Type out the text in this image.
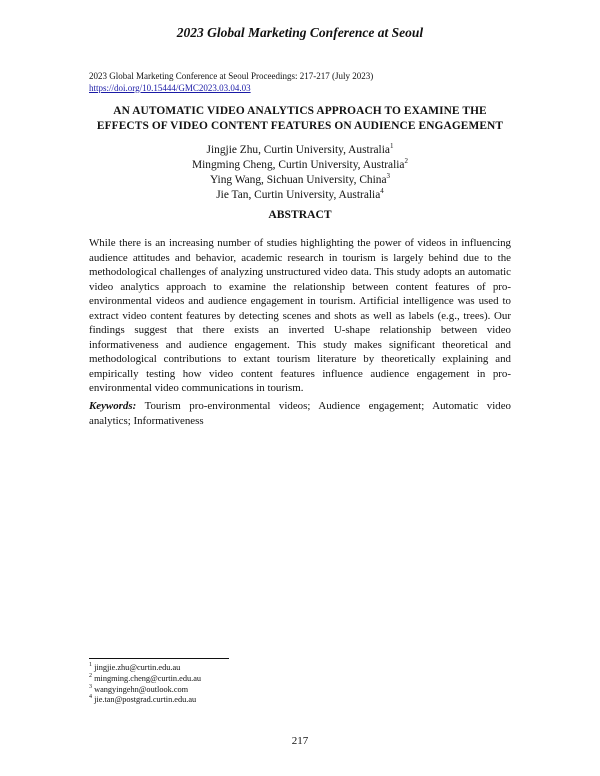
2023 Global Marketing Conference at Seoul
2023 Global Marketing Conference at Seoul Proceedings: 217-217 (July 2023)
https://doi.org/10.15444/GMC2023.03.04.03
AN AUTOMATIC VIDEO ANALYTICS APPROACH TO EXAMINE THE
EFFECTS OF VIDEO CONTENT FEATURES ON AUDIENCE ENGAGEMENT
Jingjie Zhu, Curtin University, Australia$^1$
Mingming Cheng, Curtin University, Australia$^2$
Ying Wang, Sichuan University, China$^3$
Jie Tan, Curtin University, Australia$^4$
ABSTRACT
While there is an increasing number of studies highlighting the power of videos in influencing audience attitudes and behavior, academic research in tourism is largely behind due to the methodological challenges of analyzing unstructured video data. This study adopts an automatic video analytics approach to examine the relationship between content features of pro-environmental videos and audience engagement in tourism. Artificial intelligence was used to extract video content features by detecting scenes and shots as well as labels (e.g., trees). Our findings suggest that there exists an inverted U-shape relationship between video informativeness and audience engagement. This study makes significant theoretical and methodological contributions to extant tourism literature by theoretically explaining and empirically testing how video content features influence audience engagement in pro-environmental video communications in tourism.
Keywords: Tourism pro-environmental videos; Audience engagement; Automatic video analytics; Informativeness
$^1$ jingjie.zhu@curtin.edu.au
$^2$ mingming.cheng@curtin.edu.au
$^3$ wangyingehn@outlook.com
$^4$ jie.tan@postgrad.curtin.edu.au
217
